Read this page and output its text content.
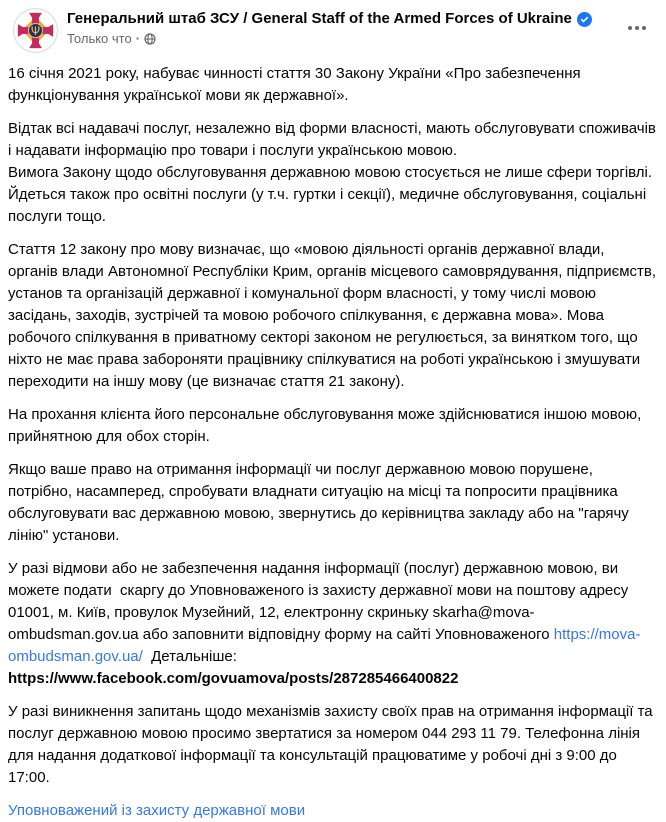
Ψ
Генеральний штаб ЗСУ / General Staff of the Armed Forces of Ukraine
Только что ·

16 січня 2021 року, набуває чинності стаття 30 Закону України «Про забезпечення функціонування української мови як державної».

Відтак всі надавачі послуг, незалежно від форми власності, мають обслуговувати споживачів і надавати інформацію про товари і послуги українською мовою.
Вимога Закону щодо обслуговування державною мовою стосується не лише сфери торгівлі. Йдеться також про освітні послуги (у т.ч. гуртки і секції), медичне обслуговування, соціальні послуги тощо.

Стаття 12 закону про мову визначає, що «мовою діяльності органів державної влади, органів влади Автономної Республіки Крим, органів місцевого самоврядування, підприємств, установ та організацій державної і комунальної форм власності, у тому числі мовою засідань, заходів, зустрічей та мовою робочого спілкування, є державна мова». Мова робочого спілкування в приватному секторі законом не регулюється, за винятком того, що ніхто не має права забороняти працівнику спілкуватися на роботі українською і змушувати переходити на іншу мову (це визначає стаття 21 закону).

На прохання клієнта його персональне обслуговування може здійснюватися іншою мовою, прийнятною для обох сторін.

Якщо ваше право на отримання інформації чи послуг державною мовою порушене, потрібно, насамперед, спробувати владнати ситуацію на місці та попросити працівника обслуговувати вас державною мовою, звернутись до керівництва закладу або на "гарячу лінію" установи.

У разі відмови або не забезпечення надання інформації (послуг) державною мовою, ви можете подати  скаргу до Уповноваженого із захисту державної мови на поштову адресу 01001, м. Київ, провулок Музейний, 12, електронну скриньку skarha@mova-ombudsman.gov.ua або заповнити відповідну форму на сайті Уповноваженого https://mova-ombudsman.gov.ua/  Детальніше:
https://www.facebook.com/govuamova/posts/287285466400822

У разі виникнення запитань щодо механізмів захисту своїх прав на отримання інформації та послуг державною мовою просимо звертатися за номером 044 293 11 79. Телефонна лінія для надання додаткової інформації та консультацій працюватиме у робочі дні з 9:00 до 17:00.

Уповноважений із захисту державної мови
